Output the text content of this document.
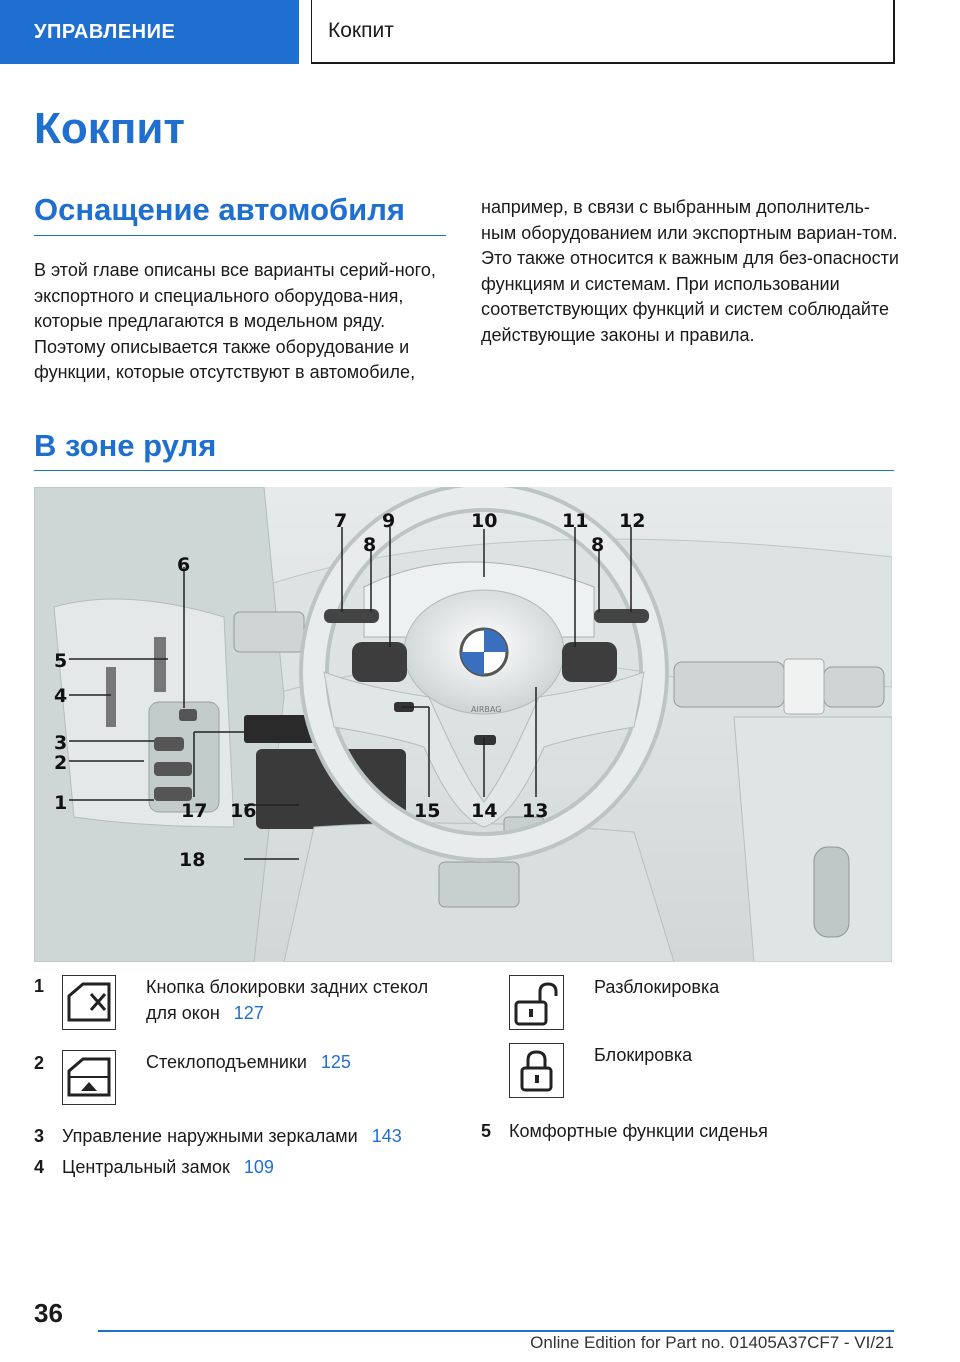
УПРАВЛЕНИЕ	Кокпит
Кокпит
Оснащение автомобиля

В этой главе описаны все варианты серий-ного, экспортного и специального оборудова-ния, которые предлагаются в модельном ряду. Поэтому описывается также оборудование и функции, которые отсутствуют в автомобиле,

например, в связи с выбранным дополнитель-ным оборудованием или экспортным вариан-том. Это также относится к важным для без-опасности функциям и системам. При использовании соответствующих функций и систем соблюдайте действующие законы и правила.

В зоне руля
AIRBAG
5
4
3
2
1
6
7
8
9	10	11 12
8
13
14
15
16
17
18
1	Кнопка блокировки задних стекол
для окон 127
2	Стеклоподъемники 125
3 Управление наружными зеркалами 143
4 Центральный замок 109
Разблокировка
Блокировка
5 Комфортные функции сиденья
36
Online Edition for Part no. 01405A37CF7 - VI/21
